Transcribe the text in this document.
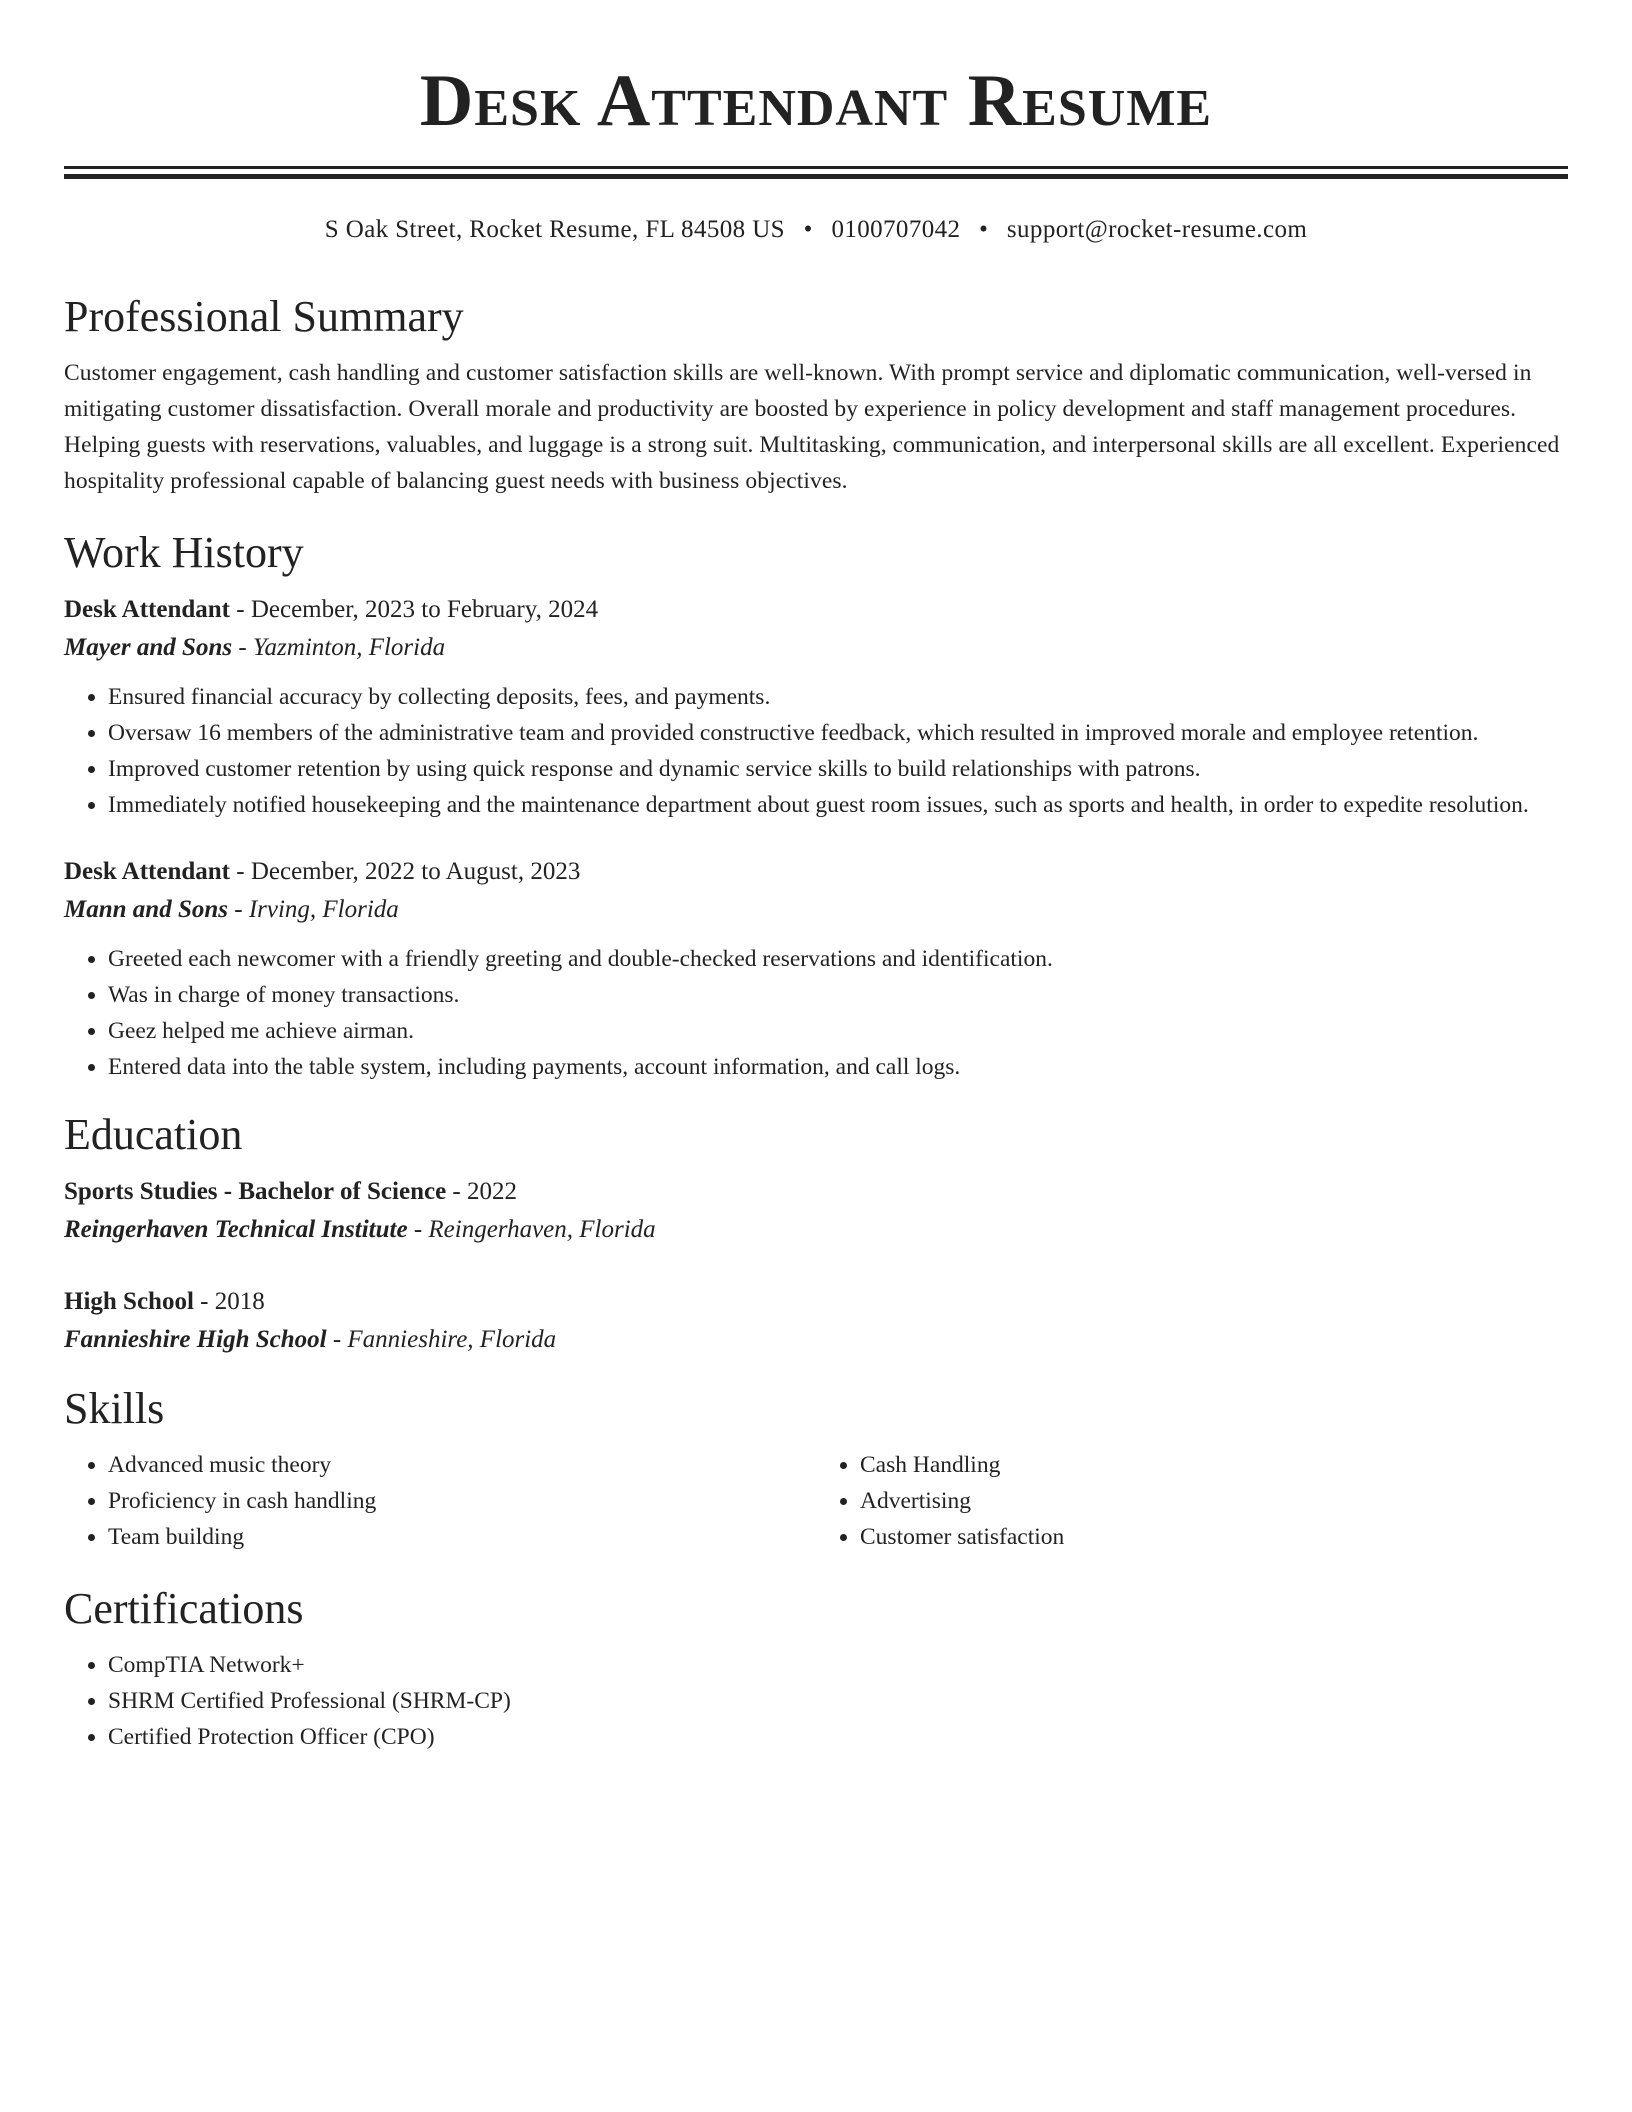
Desk Attendant Resume
S Oak Street, Rocket Resume, FL 84508 US • 0100707042 • support@rocket-resume.com
Professional Summary

Customer engagement, cash handling and customer satisfaction skills are well-known. With prompt service and diplomatic communication, well-versed in mitigating customer dissatisfaction. Overall morale and productivity are boosted by experience in policy development and staff management procedures. Helping guests with reservations, valuables, and luggage is a strong suit. Multitasking, communication, and interpersonal skills are all excellent. Experienced hospitality professional capable of balancing guest needs with business objectives.

Work History
Desk Attendant - December, 2023 to February, 2024
Mayer and Sons - Yazminton, Florida
• Ensured financial accuracy by collecting deposits, fees, and payments.
• Oversaw 16 members of the administrative team and provided constructive feedback, which resulted in improved morale and employee retention.
• Improved customer retention by using quick response and dynamic service skills to build relationships with patrons.
• Immediately notified housekeeping and the maintenance department about guest room issues, such as sports and health, in order to expedite resolution.
Desk Attendant - December, 2022 to August, 2023
Mann and Sons - Irving, Florida
• Greeted each newcomer with a friendly greeting and double-checked reservations and identification.
• Was in charge of money transactions.
• Geez helped me achieve airman.
• Entered data into the table system, including payments, account information, and call logs.
Education
Sports Studies - Bachelor of Science - 2022
Reingerhaven Technical Institute - Reingerhaven, Florida
High School - 2018
Fannieshire High School - Fannieshire, Florida
Skills
• Advanced music theory
• Proficiency in cash handling
• Team building
• Cash Handling
• Advertising
• Customer satisfaction
Certifications
• CompTIA Network+
• SHRM Certified Professional (SHRM-CP)
• Certified Protection Officer (CPO)
